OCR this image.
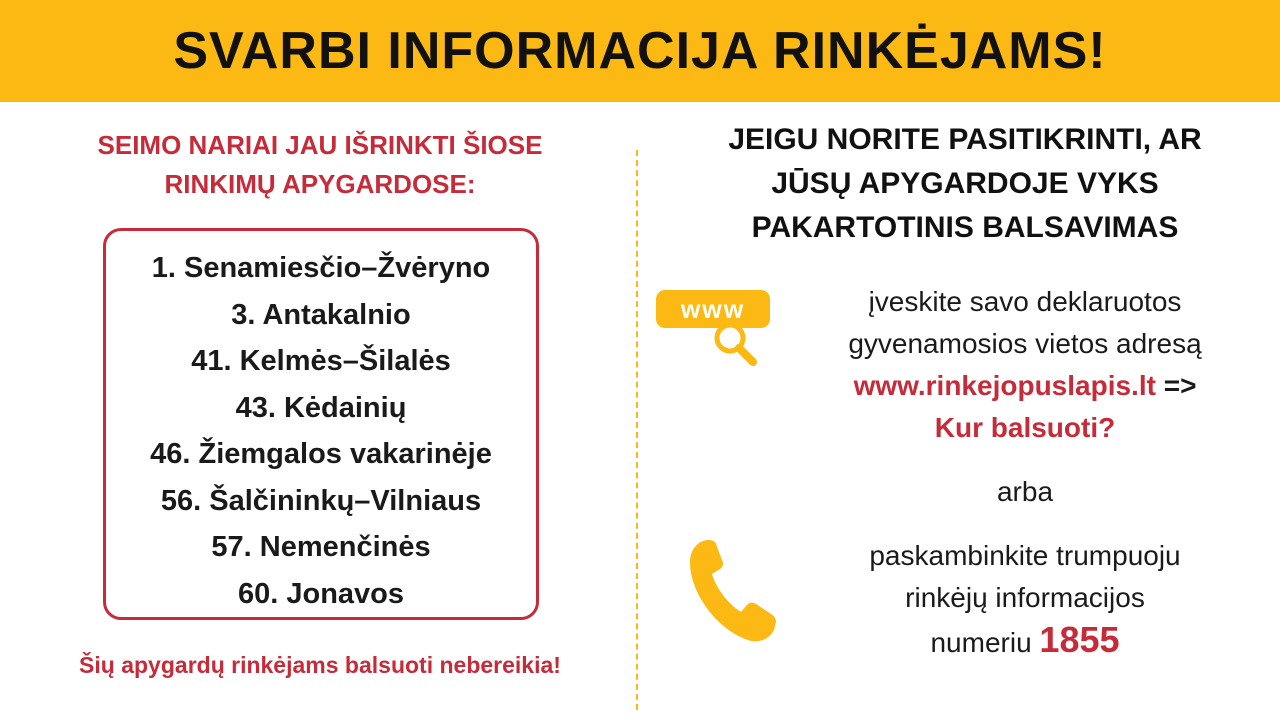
SVARBI INFORMACIJA RINKĖJAMS!
SEIMO NARIAI JAU IŠRINKTI ŠIOSE
RINKIMŲ APYGARDOSE:
1. Senamiesčio–Žvėryno
3. Antakalnio
41. Kelmės–Šilalės
43. Kėdainių
46. Žiemgalos vakarinėje
56. Šalčininkų–Vilniaus
57. Nemenčinės
60. Jonavos
Šių apygardų rinkėjams balsuoti nebereikia!
JEIGU NORITE PASITIKRINTI, AR
JŪSŲ APYGARDOJE VYKS
PAKARTOTINIS BALSAVIMAS
www	įveskite savo deklaruotos
gyvenamosios vietos adresą
www.rinkejopuslapis.lt =>
Kur balsuoti?
arba
paskambinkite trumpuoju
rinkėjų informacijos
numeriu 1855
